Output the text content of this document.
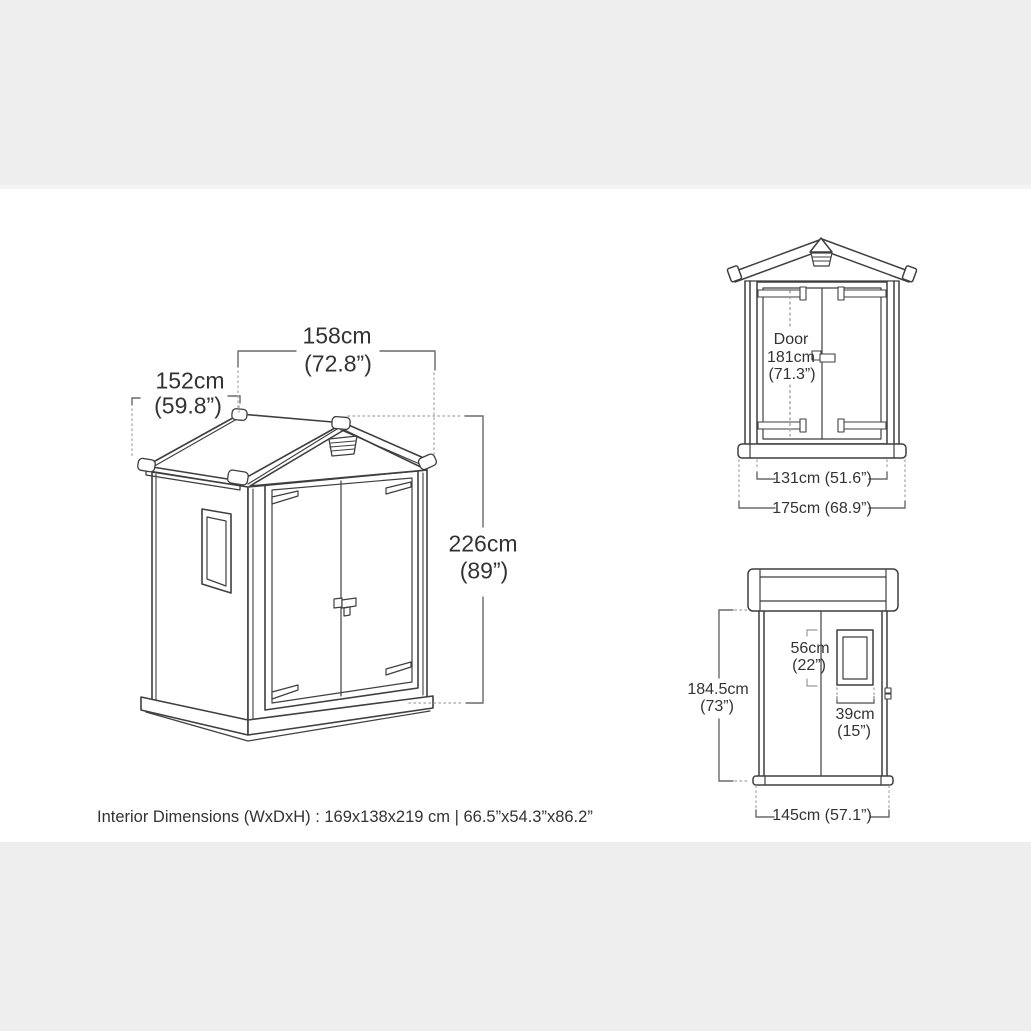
158cm
(72.8”)
152cm
(59.8”)
226cm
(89”)
Door
181cm
(71.3”)
131cm (51.6”)
175cm (68.9”)
56cm
(22”)
39cm
(15”)
184.5cm
(73”)
145cm (57.1”)
Interior Dimensions (WxDxH) : 169x138x219 cm | 66.5”x54.3”x86.2”
